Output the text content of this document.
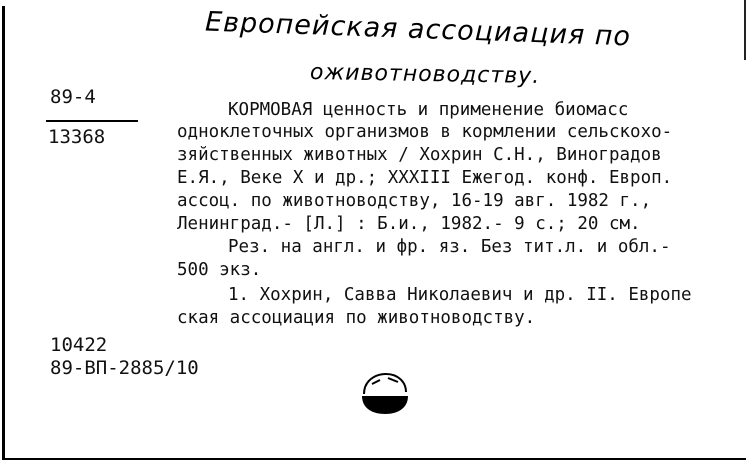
Европейская ассоциация по
оживотноводству.
89-4
13368
КОРМОВАЯ ценность и применение биомасс
одноклеточных организмов в кормлении сельскохо-
зяйственных животных / Хохрин С.Н., Виноградов
Е.Я., Веке Х и др.; XXXIII Ежегод. конф. Европ.
ассоц. по животноводству, 16-19 авг. 1982 г.,
Ленинград.- [Л.] : Б.и., 1982.- 9 с.; 20 см.
Рез. на англ. и фр. яз. Без тит.л. и обл.-
500 экз.
1. Хохрин, Савва Николаевич и др. II. Европе
ская ассоциация по животноводству.
10422
89-ВП-2885/10
